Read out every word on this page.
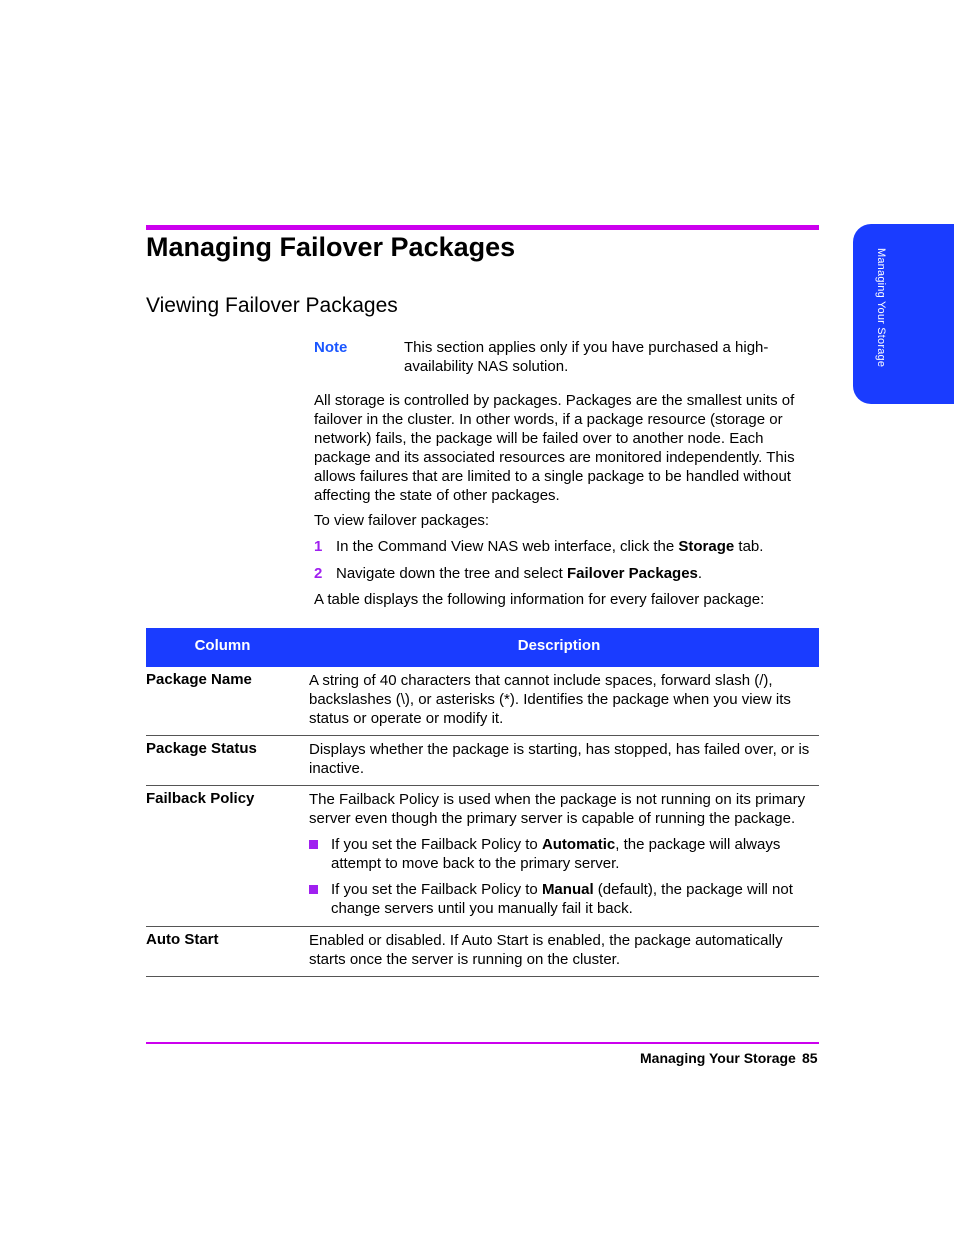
Managing Your Storage
Managing Failover Packages
Viewing Failover Packages
Note	This section applies only if you have purchased a high-availability NAS solution.

All storage is controlled by packages. Packages are the smallest units of failover in the cluster. In other words, if a package resource (storage or network) fails, the package will be failed over to another node. Each package and its associated resources are monitored independently. This allows failures that are limited to a single package to be handled without affecting the state of other packages.

To view failover packages:

1 In the Command View NAS web interface, click the Storage tab.
2 Navigate down the tree and select Failover Packages.

A table displays the following information for every failover package:

Column	Description
Package Name	A string of 40 characters that cannot include spaces, forward slash (/), backslashes (\), or asterisks (*). Identifies the package when you view its status or operate or modify it.
Package Status	Displays whether the package is starting, has stopped, has failed over, or is inactive.
Failback Policy	The Failback Policy is used when the package is not running on its primary server even though the primary server is capable of running the package.
If you set the Failback Policy to Automatic, the package will always attempt to move back to the primary server.
If you set the Failback Policy to Manual (default), the package will not change servers until you manually fail it back.
Auto Start	Enabled or disabled. If Auto Start is enabled, the package automatically starts once the server is running on the cluster.
Managing Your Storage 85
